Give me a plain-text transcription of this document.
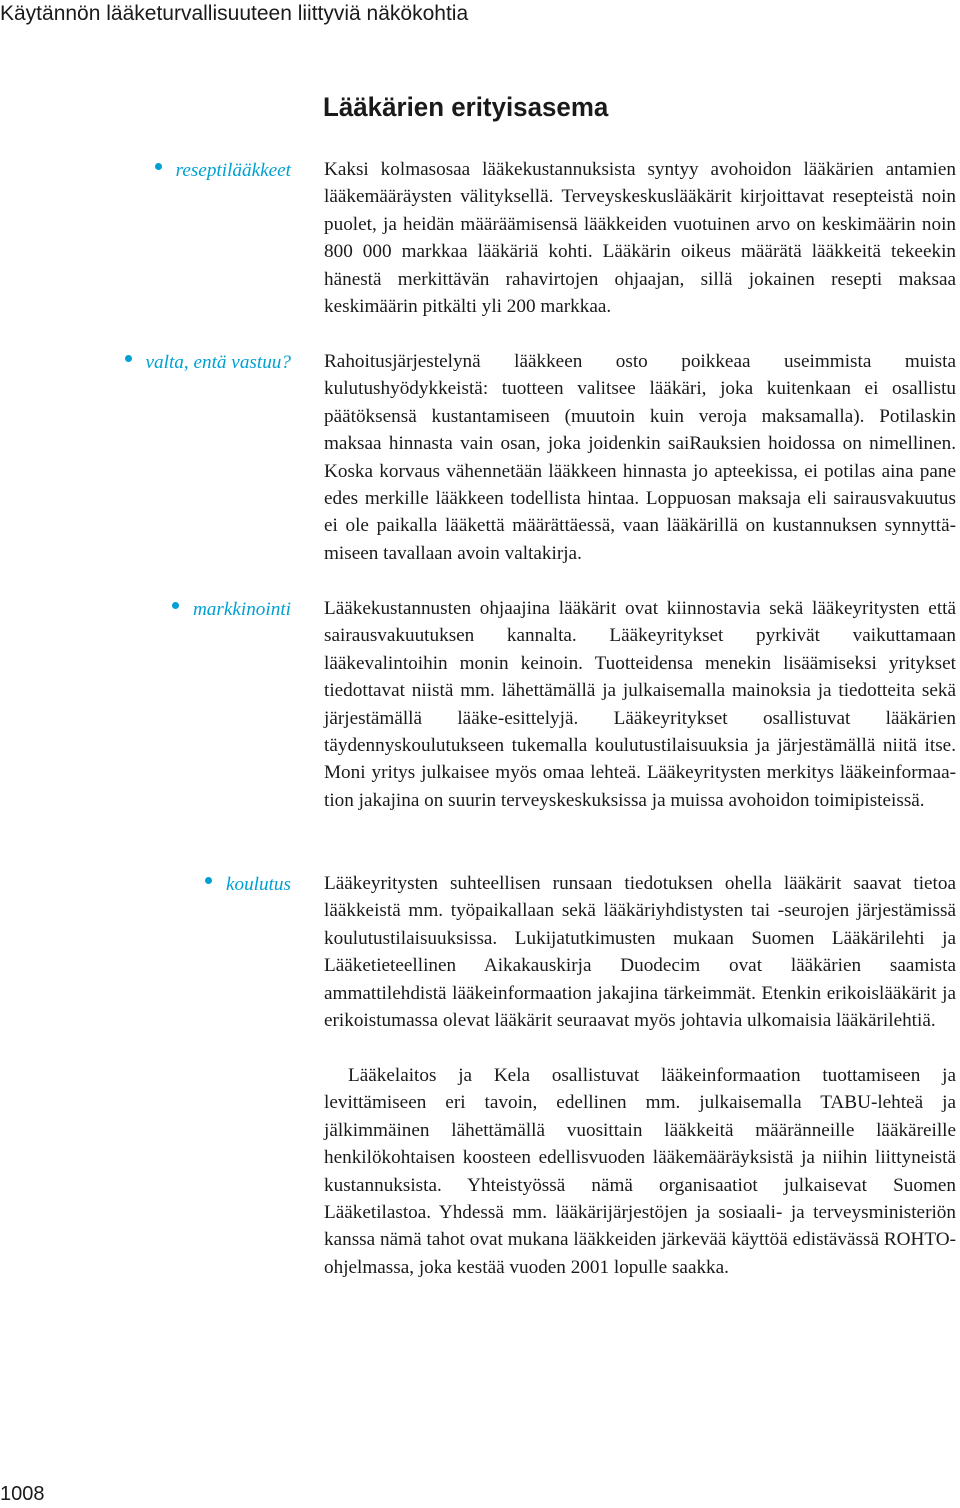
Käytännön lääketurvallisuuteen liittyviä näkökohtia
Lääkärien erityisasema
reseptilääkkeet
valta, entä vastuu?
markkinointi
koulutus

Kaksi kolmasosaa lääkekustannuksista syntyy avohoidon lääkärien antamien lääkemääräysten välityksellä. Terveyskeskuslääkärit kirjoittavat resepteistä noin puolet, ja heidän määräämisensä lääkkeiden vuotuinen arvo on keskimäärin noin 800 000 markkaa lääkäriä kohti. Lääkärin oikeus määrätä lääkkeitä tekeekin hänestä merkittävän rahavirtojen ohjaajan, sillä jokainen resepti maksaa keskimäärin pitkälti yli 200 markkaa.

Rahoitusjärjestelynä lääkkeen osto poikkeaa useimmista muista kulutushyödykkeistä: tuotteen valitsee lääkäri, joka kuitenkaan ei osallistu päätöksensä kustantamiseen (muutoin kuin veroja maksamalla). Potilaskin maksaa hinnasta vain osan, joka joidenkin saiRauksien hoidossa on nimellinen. Koska korvaus vähennetään lääkkeen hinnasta jo apteekissa, ei potilas aina pane edes merkille lääkkeen todellista hintaa. Loppuosan maksaja eli sairausvakuutus ei ole paikalla lääkettä määrättäessä, vaan lääkärillä on kustannuksen synnyttämiseen tavallaan avoin valtakirja.

Lääkekustannusten ohjaajina lääkärit ovat kiinnostavia sekä lääkeyritysten että sairausvakuutuksen kannalta. Lääkeyritykset pyrkivät vaikuttamaan lääkevalintoihin monin keinoin. Tuotteidensa menekin lisäämiseksi yritykset tiedottavat niistä mm. lähettämällä ja julkaisemalla mainoksia ja tiedotteita sekä järjestämällä lääke-esittelyjä. Lääkeyritykset osallistuvat lääkärien täydennyskoulutukseen tukemalla koulutustilaisuuksia ja järjestämällä niitä itse. Moni yritys julkaisee myös omaa lehteä. Lääkeyritysten merkitys lääkeinformaation jakajina on suurin terveyskeskuksissa ja muissa avohoidon toimipisteissä.

Lääkeyritysten suhteellisen runsaan tiedotuksen ohella lääkärit saavat tietoa lääkkeistä mm. työpaikallaan sekä lääkäriyhdistysten tai -seurojen järjestämissä koulutustilaisuuksissa. Lukijatutkimusten mukaan Suomen Lääkärilehti ja Lääketieteellinen Aikakauskirja Duodecim ovat lääkärien saamista ammattilehdistä lääkeinformaation jakajina tärkeimmät. Etenkin erikoislääkärit ja erikoistumassa olevat lääkärit seuraavat myös johtavia ulkomaisia lääkärilehtiä.

Lääkelaitos ja Kela osallistuvat lääkeinformaation tuottamiseen ja levittämiseen eri tavoin, edellinen mm. julkaisemalla TABU-lehteä ja jälkimmäinen lähettämällä vuosittain lääkkeitä määränneille lääkäreille henkilökohtaisen koosteen edellisvuoden lääkemääräyksistä ja niihin liittyneistä kustannuksista. Yhteistyössä nämä organisaatiot julkaisevat Suomen Lääketilastoa. Yhdessä mm. lääkärijärjestöjen ja sosiaali- ja terveysministeriön kanssa nämä tahot ovat mukana lääkkeiden järkevää käyttöä edistävässä ROHTO-ohjelmassa, joka kestää vuoden 2001 lopulle saakka.

1008
